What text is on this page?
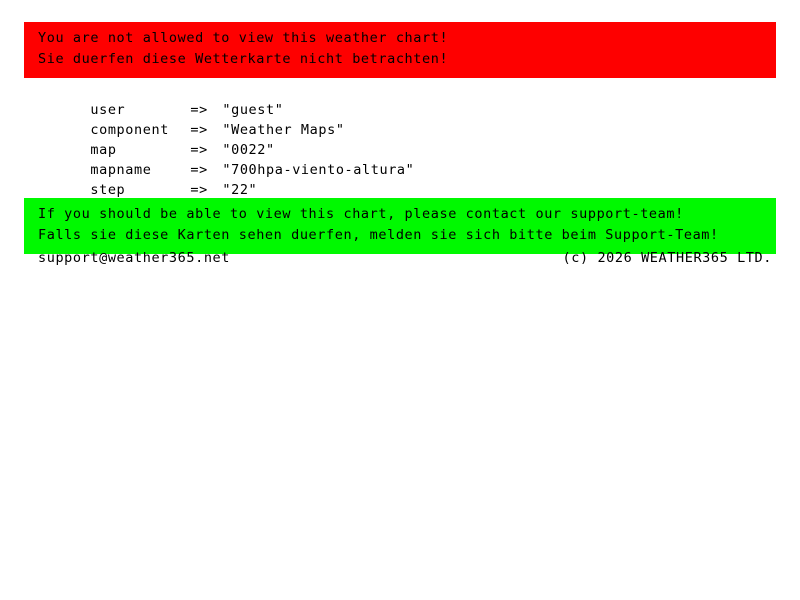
You are not allowed to view this weather chart!
Sie duerfen diese Wetterkarte nicht betrachten!

user	=> "guest"

component => "Weather Maps"

map	=> "0022"

mapname	=> "700hpa-viento-altura"

step	=> "22"

If you should be able to view this chart, please contact our support-team!
Falls sie diese Karten sehen duerfen, melden sie sich bitte beim Support-Team!
support@weather365.net	(c) 2026 WEATHER365 LTD.
